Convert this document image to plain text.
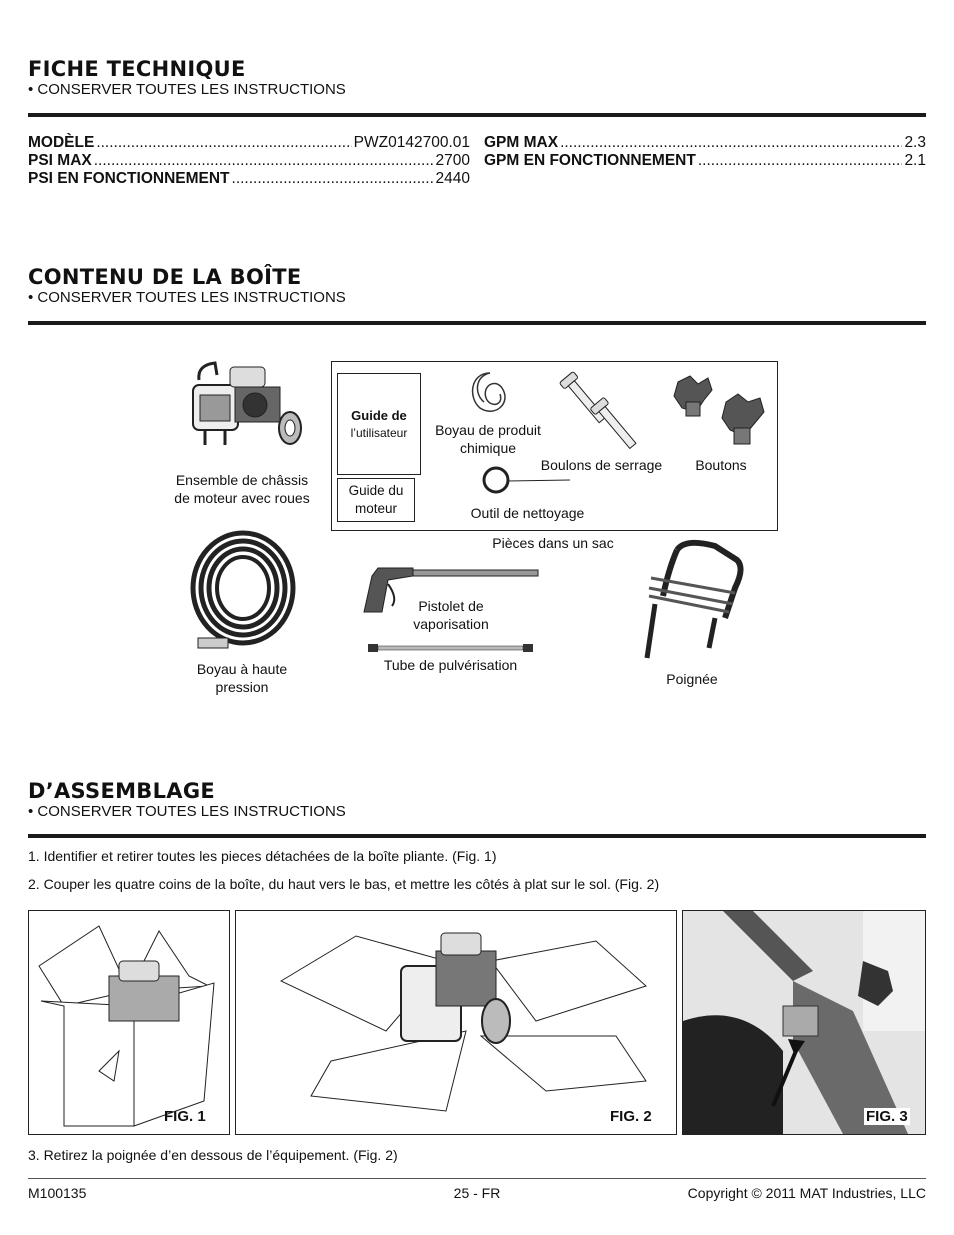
FICHE TECHNIQUE
• CONSERVER TOUTES LES INSTRUCTIONS
MODÈLE .....	PWZ0142700.01
PSI MAX .....	2700
PSI EN FONCTIONNEMENT .....	2440
GPM MAX .....	2.3
GPM EN FONCTIONNEMENT .....	2.1
CONTENU DE LA BOÎTE
• CONSERVER TOUTES LES INSTRUCTIONS
Ensemble de châssis de moteur avec roues
Guide de
l’utilisateur
Guide du moteur
Boyau de produit chimique
Boulons de serrage	Boutons
Outil de nettoyage
Pièces dans un sac
Boyau à haute pression
Pistolet de vaporisation
Tube de pulvérisation
Poignée
D’ASSEMBLAGE
• CONSERVER TOUTES LES INSTRUCTIONS
1. Identifier et retirer toutes les pieces détachées de la boîte pliante. (Fig. 1)
2. Couper les quatre coins de la boîte, du haut vers le bas, et mettre les côtés à plat sur le sol. (Fig. 2)
FIG. 1	FIG. 2	FIG. 3
3. Retirez la poignée d’en dessous de l’équipement. (Fig. 2)
M100135	25 - FR	Copyright © 2011 MAT Industries, LLC
